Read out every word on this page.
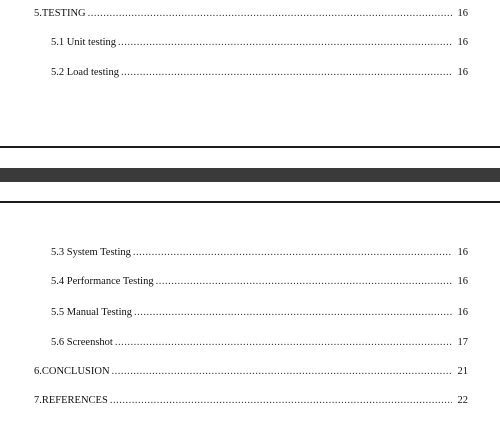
5.TESTING .....	16
5.1 Unit testing .....	16
5.2 Load testing .....	16
5.3 System Testing .....	16
5.4 Performance Testing .....	16
5.5 Manual Testing .....	16
5.6 Screenshot .....	17
6.CONCLUSION .....	21
7.REFERENCES .....	22
